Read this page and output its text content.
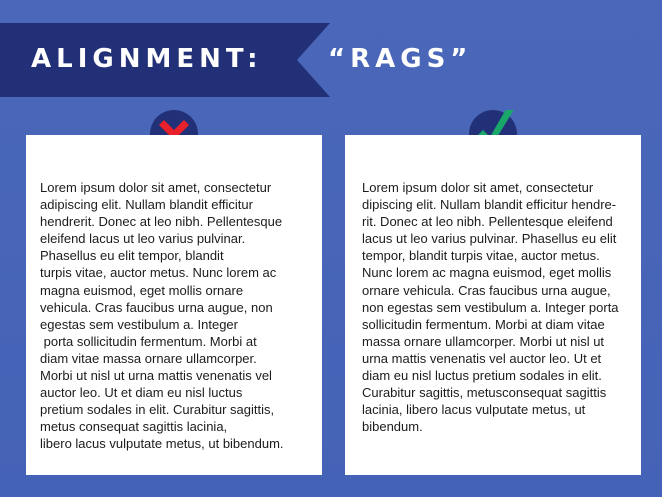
ALIGNMENT:	“RAGS”
Lorem ipsum dolor sit amet, consectetur
adipiscing elit. Nullam blandit efficitur
hendrerit. Donec at leo nibh. Pellentesque
eleifend lacus ut leo varius pulvinar.
Phasellus eu elit tempor, blandit
turpis vitae, auctor metus. Nunc lorem ac
magna euismod, eget mollis ornare
vehicula. Cras faucibus urna augue, non
egestas sem vestibulum a. Integer
porta sollicitudin fermentum. Morbi at
diam vitae massa ornare ullamcorper.
Morbi ut nisl ut urna mattis venenatis vel
auctor leo. Ut et diam eu nisl luctus
pretium sodales in elit. Curabitur sagittis,
metus consequat sagittis lacinia,
libero lacus vulputate metus, ut bibendum.
Lorem ipsum dolor sit amet, consectetur
dipiscing elit. Nullam blandit efficitur hendre-
rit. Donec at leo nibh. Pellentesque eleifend
lacus ut leo varius pulvinar. Phasellus eu elit
tempor, blandit turpis vitae, auctor metus.
Nunc lorem ac magna euismod, eget mollis
ornare vehicula. Cras faucibus urna augue,
non egestas sem vestibulum a. Integer porta
sollicitudin fermentum. Morbi at diam vitae
massa ornare ullamcorper. Morbi ut nisl ut
urna mattis venenatis vel auctor leo. Ut et
diam eu nisl luctus pretium sodales in elit.
Curabitur sagittis, metusconsequat sagittis
lacinia, libero lacus vulputate metus, ut
bibendum.
